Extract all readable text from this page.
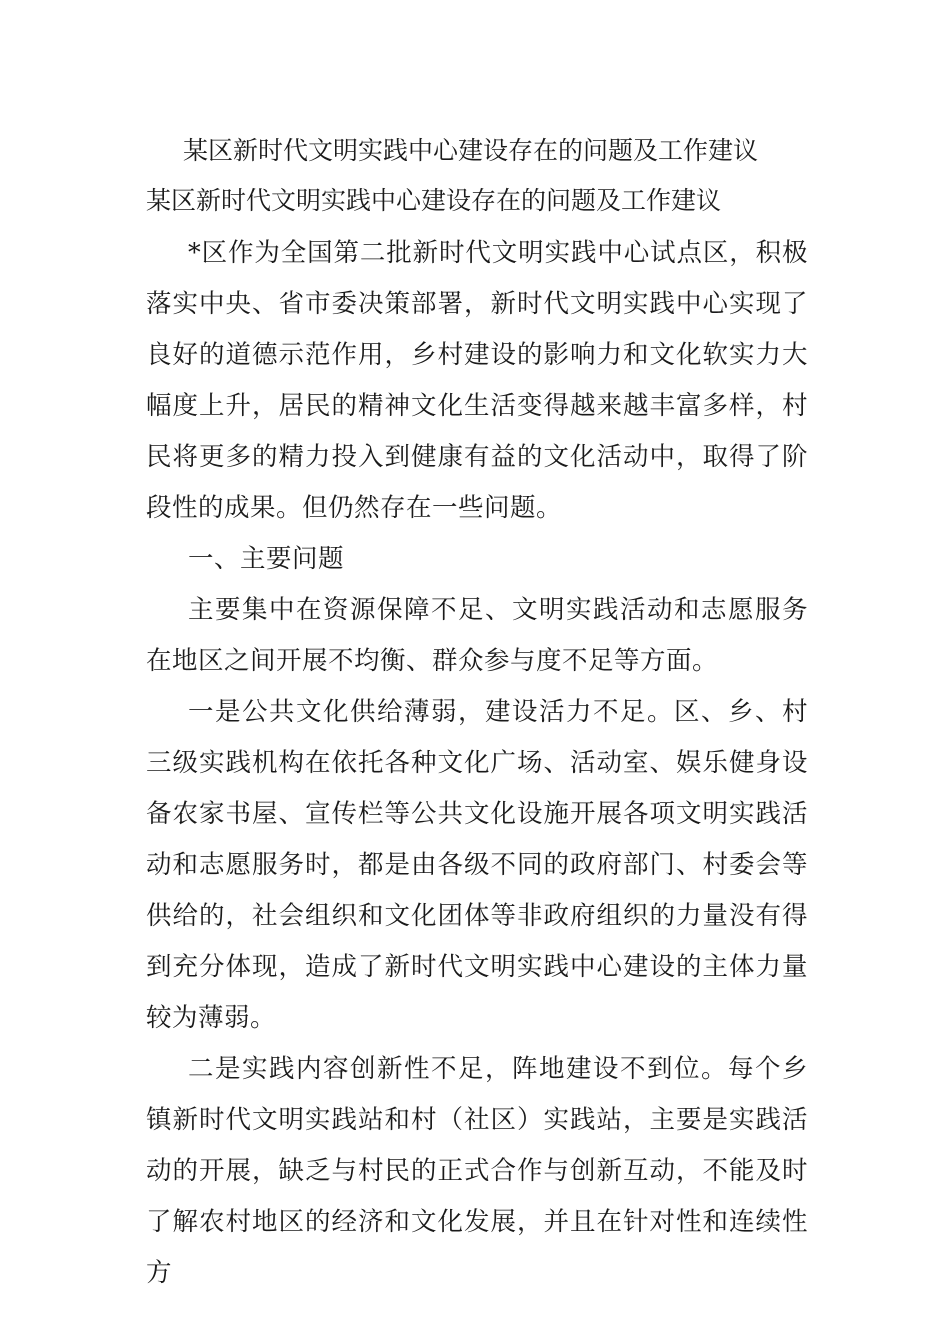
某区新时代文明实践中心建设存在的问题及工作建议
某区新时代文明实践中心建设存在的问题及工作建议

*区作为全国第二批新时代文明实践中心试点区，积极落实中央、省市委决策部署，新时代文明实践中心实现了良好的道德示范作用，乡村建设的影响力和文化软实力大幅度上升，居民的精神文化生活变得越来越丰富多样，村民将更多的精力投入到健康有益的文化活动中，取得了阶段性的成果。但仍然存在一些问题。

一、主要问题

主要集中在资源保障不足、文明实践活动和志愿服务在地区之间开展不均衡、群众参与度不足等方面。

一是公共文化供给薄弱，建设活力不足。区、乡、村三级实践机构在依托各种文化广场、活动室、娱乐健身设备农家书屋、宣传栏等公共文化设施开展各项文明实践活动和志愿服务时，都是由各级不同的政府部门、村委会等供给的，社会组织和文化团体等非政府组织的力量没有得到充分体现，造成了新时代文明实践中心建设的主体力量较为薄弱。

二是实践内容创新性不足，阵地建设不到位。每个乡镇新时代文明实践站和村（社区）实践站，主要是实践活动的开展，缺乏与村民的正式合作与创新互动，不能及时了解农村地区的经济和文化发展，并且在针对性和连续性方
